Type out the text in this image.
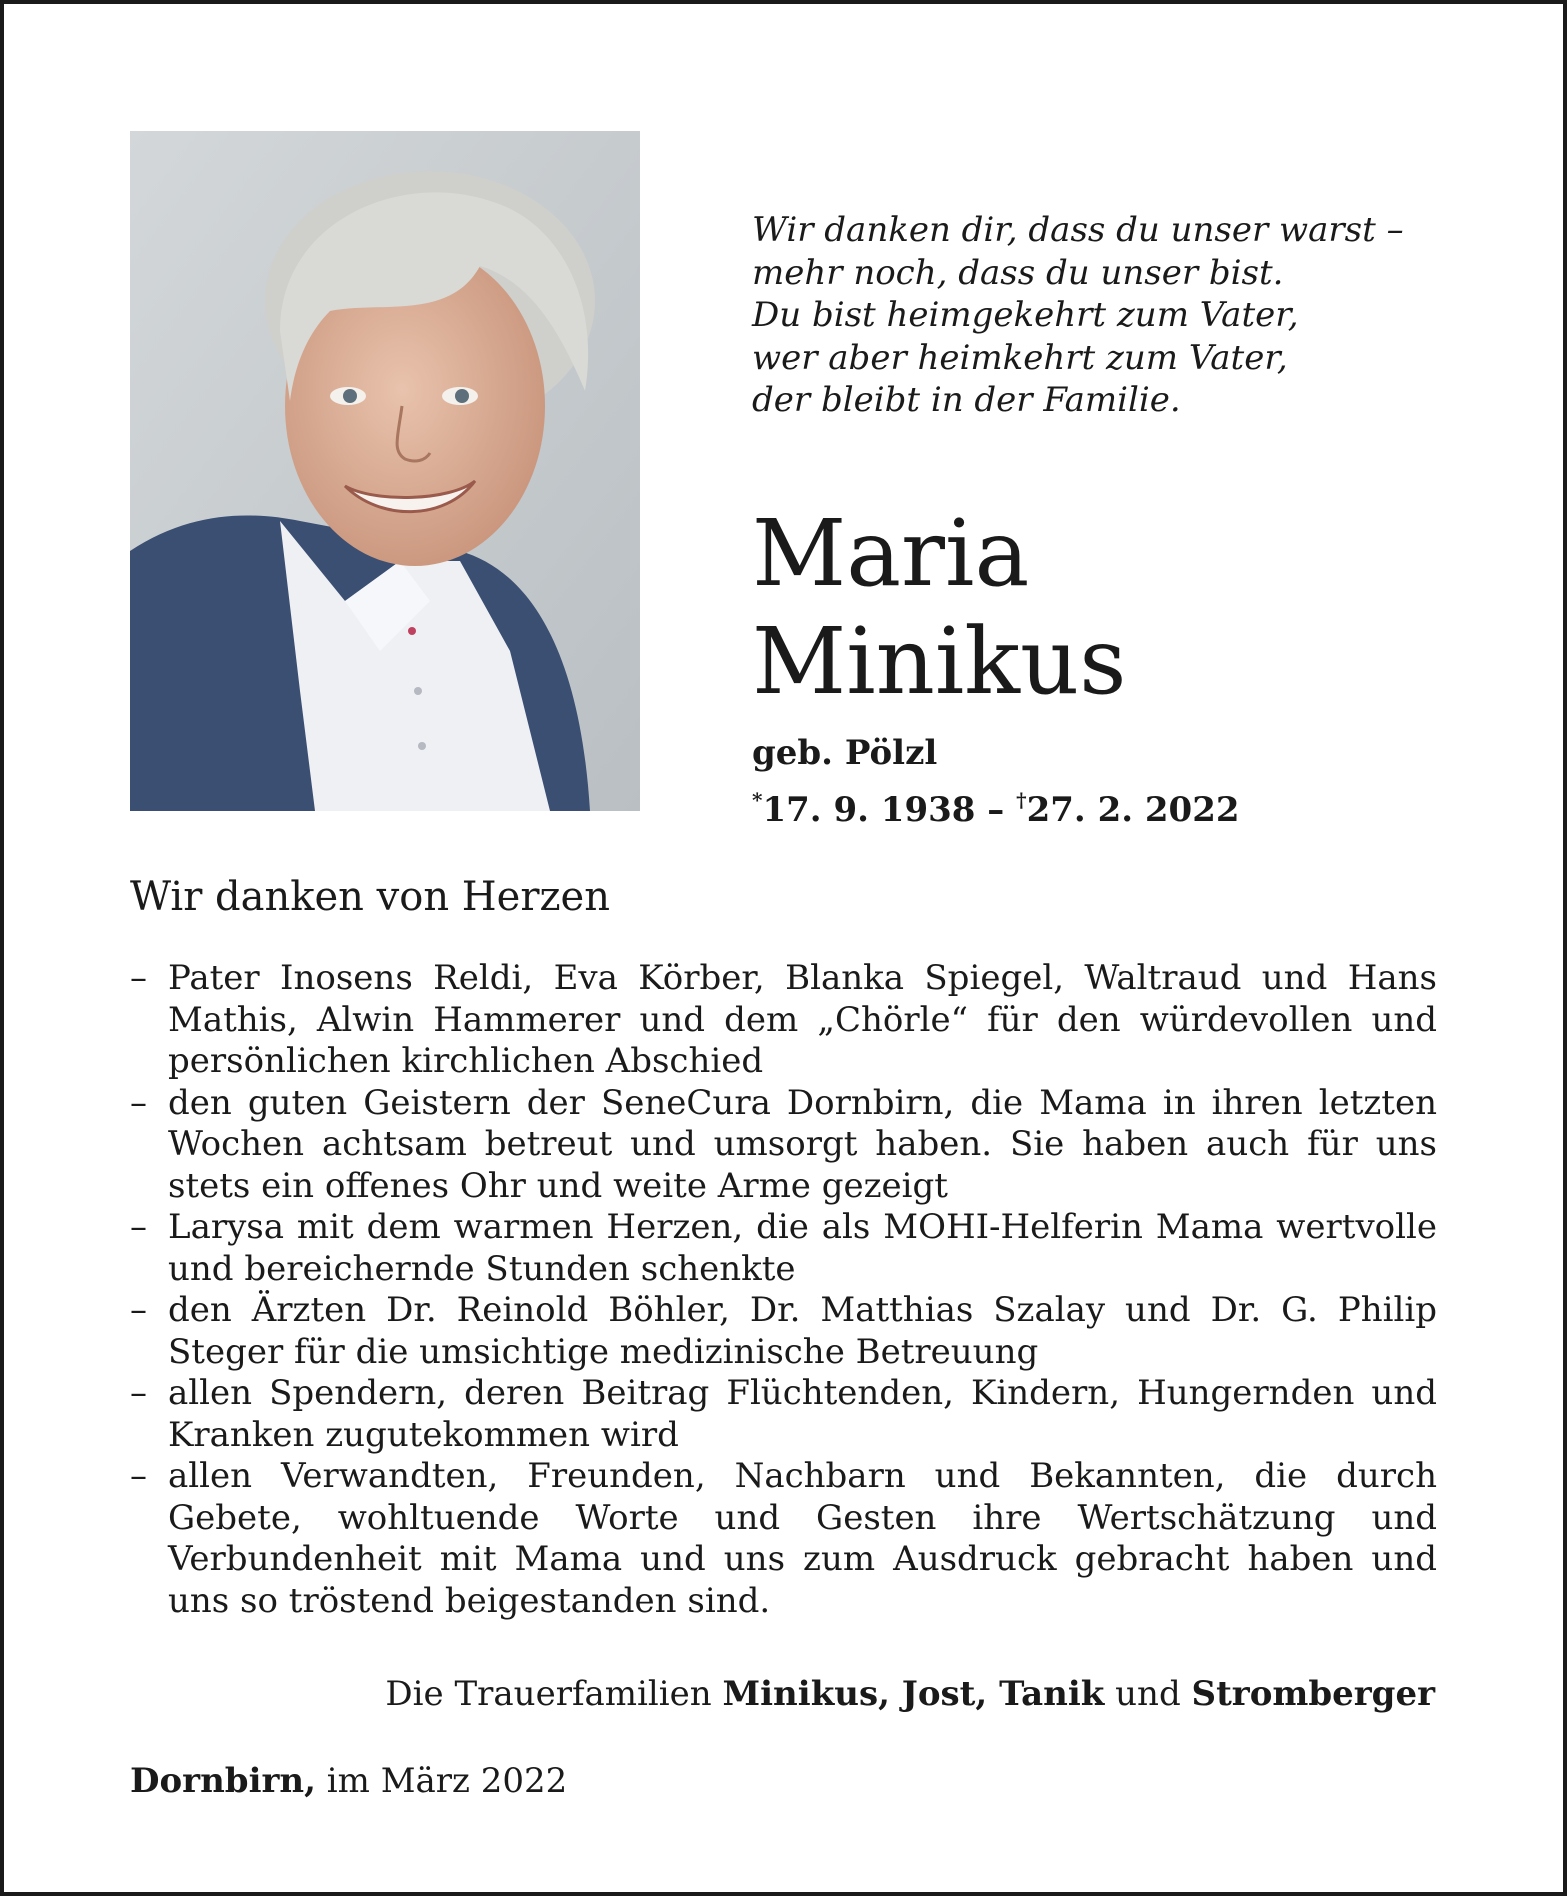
Wir danken dir, dass du unser warst –
mehr noch, dass du unser bist.
Du bist heimgekehrt zum Vater,
wer aber heimkehrt zum Vater,
der bleibt in der Familie.
Maria
Minikus
geb. Pölzl
*17. 9. 1938 – †27. 2. 2022
Wir danken von Herzen
– Pater Inosens Reldi, Eva Körber, Blanka Spiegel, Waltraud und Hans Mathis, Alwin Hammerer und dem „Chörle“ für den würdevollen und persönlichen kirchlichen Abschied
– den guten Geistern der SeneCura Dornbirn, die Mama in ihren letzten Wochen achtsam betreut und umsorgt haben. Sie haben auch für uns stets ein offenes Ohr und weite Arme gezeigt
– Larysa mit dem warmen Herzen, die als MOHI-Helferin Mama wertvolle und bereichernde Stunden schenkte
– den Ärzten Dr. Reinold Böhler, Dr. Matthias Szalay und Dr. G. Philip Steger für die umsichtige medizinische Betreuung
– allen Spendern, deren Beitrag Flüchtenden, Kindern, Hungernden und Kranken zugutekommen wird
– allen Verwandten, Freunden, Nachbarn und Bekannten, die durch Gebete, wohltuende Worte und Gesten ihre Wertschätzung und Verbundenheit mit Mama und uns zum Ausdruck gebracht haben und uns so tröstend beigestanden sind.
Die Trauerfamilien Minikus, Jost, Tanik und Stromberger
Dornbirn, im März 2022
